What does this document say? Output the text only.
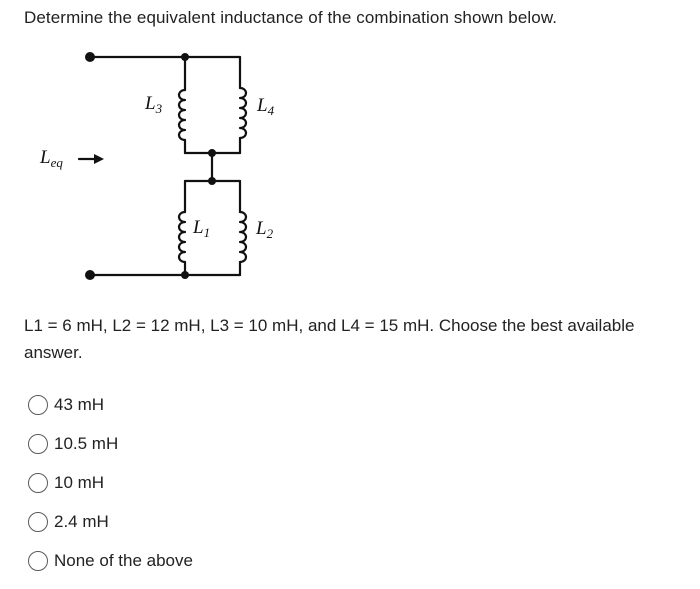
Determine the equivalent inductance of the combination shown below.
$L_{eq}$
$L_3$	$L_4$
$L_1$ $L_2$
L1 = 6 mH, L2 = 12 mH, L3 = 10 mH, and L4 = 15 mH. Choose the best available answer.
43 mH
10.5 mH
10 mH
2.4 mH
None of the above
